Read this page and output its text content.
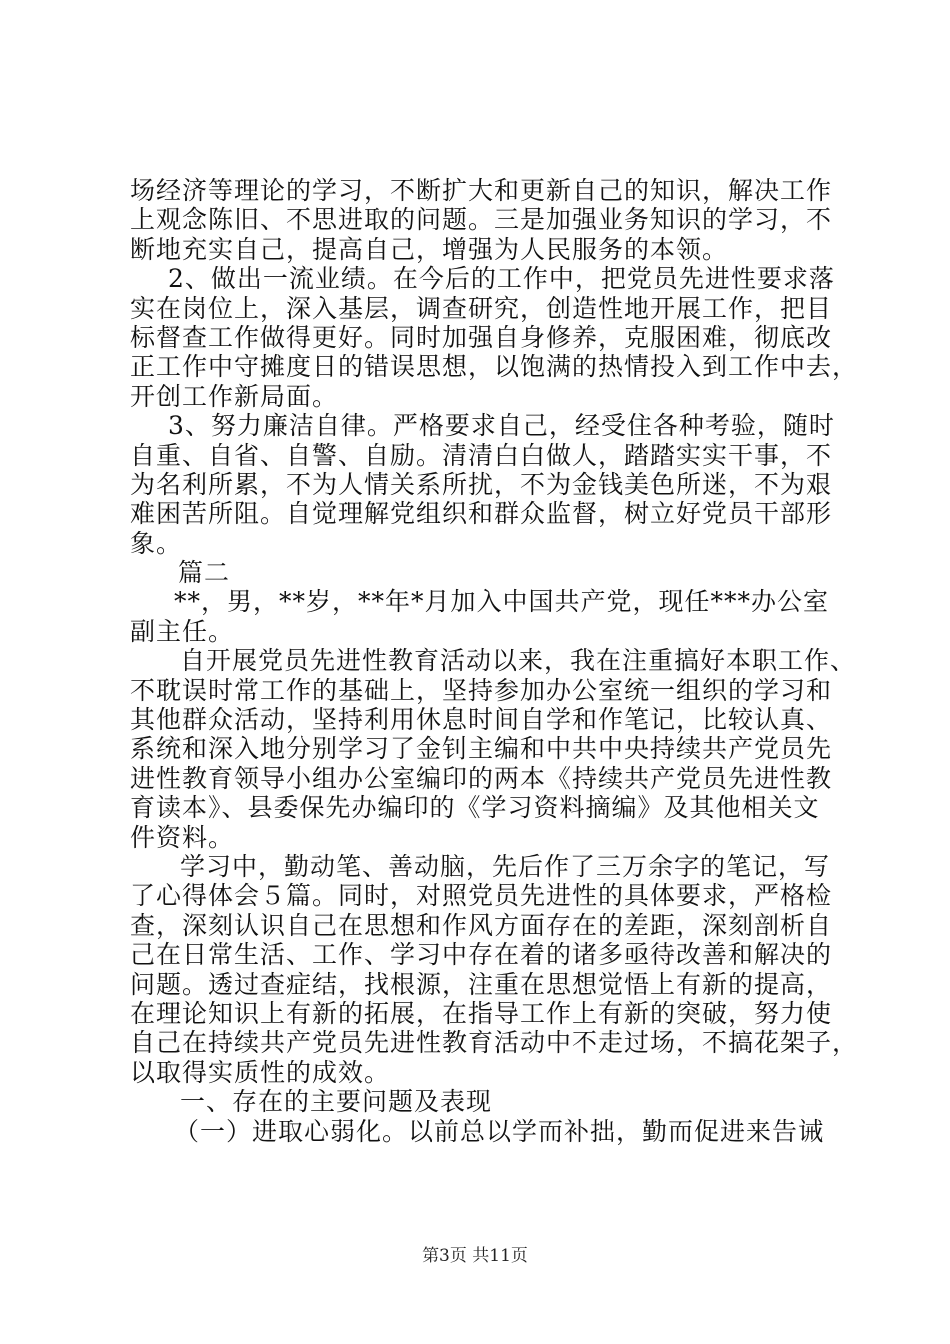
场经济等理论的学习，不断扩大和更新自己的知识，解决工作
上观念陈旧、不思进取的问题。三是加强业务知识的学习，不
断地充实自己，提高自己，增强为人民服务的本领。
2、做出一流业绩。在今后的工作中，把党员先进性要求落
实在岗位上，深入基层，调查研究，创造性地开展工作，把目
标督查工作做得更好。同时加强自身修养，克服困难，彻底改
正工作中守摊度日的错误思想，以饱满的热情投入到工作中去，
开创工作新局面。
3、努力廉洁自律。严格要求自己，经受住各种考验，随时
自重、自省、自警、自励。清清白白做人，踏踏实实干事，不
为名利所累，不为人情关系所扰，不为金钱美色所迷，不为艰
难困苦所阻。自觉理解党组织和群众监督，树立好党员干部形
象。
篇二
**，男，**岁，**年*月加入中国共产党，现任***办公室
副主任。
自开展党员先进性教育活动以来，我在注重搞好本职工作、
不耽误时常工作的基础上，坚持参加办公室统一组织的学习和
其他群众活动，坚持利用休息时间自学和作笔记，比较认真、
系统和深入地分别学习了金钊主编和中共中央持续共产党员先
进性教育领导小组办公室编印的两本《持续共产党员先进性教
育读本》、县委保先办编印的《学习资料摘编》及其他相关文
件资料。
学习中，勤动笔、善动脑，先后作了三万余字的笔记，写
了心得体会５篇。同时，对照党员先进性的具体要求，严格检
查，深刻认识自己在思想和作风方面存在的差距，深刻剖析自
己在日常生活、工作、学习中存在着的诸多亟待改善和解决的
问题。透过查症结，找根源，注重在思想觉悟上有新的提高，
在理论知识上有新的拓展，在指导工作上有新的突破，努力使
自己在持续共产党员先进性教育活动中不走过场，不搞花架子，
以取得实质性的成效。
一、存在的主要问题及表现
（一）进取心弱化。以前总以学而补拙，勤而促进来告诫
第3页 共11页
